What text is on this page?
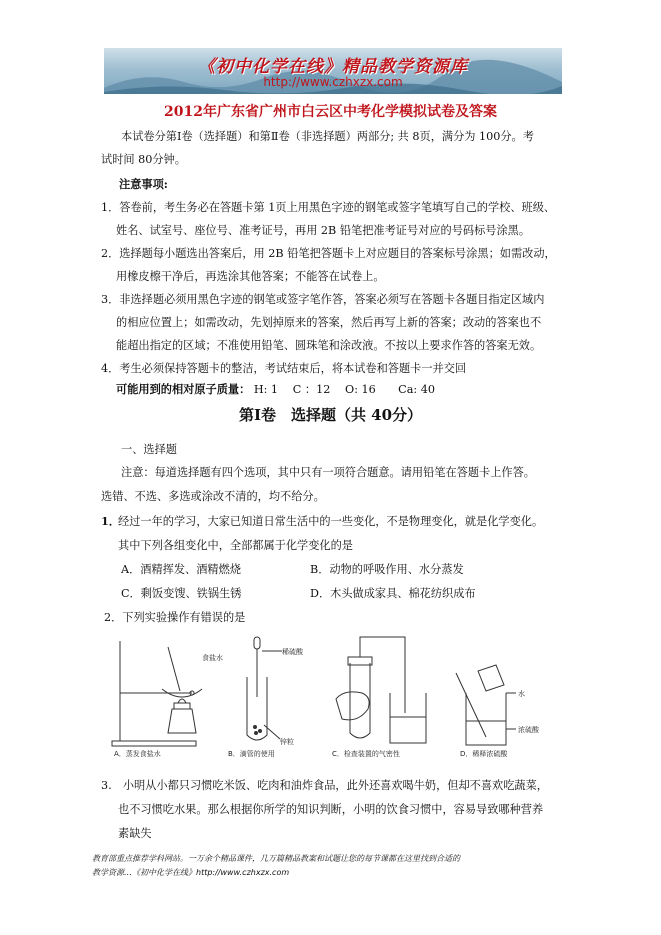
《初中化学在线》精品教学资源库
http://www.czhxzx.com
2012年广东省广州市白云区中考化学模拟试卷及答案
本试卷分第Ⅰ卷（选择题）和第Ⅱ卷（非选择题）两部分; 共 8页，满分为 100分。考
试时间 80分钟。
注意事项:
1．答卷前，考生务必在答题卡第 1页上用黑色字迹的钢笔或签字笔填写自己的学校、班级、
姓名、试室号、座位号、准考证号，再用 2B 铅笔把准考证号对应的号码标号涂黑。
2．选择题每小题选出答案后，用 2B 铅笔把答题卡上对应题目的答案标号涂黑；如需改动，
用橡皮檫干净后，再选涂其他答案；不能答在试卷上。
3．非选择题必须用黑色字迹的钢笔或签字笔作答，答案必须写在答题卡各题目指定区域内
的相应位置上；如需改动，先划掉原来的答案，然后再写上新的答案；改动的答案也不
能超出指定的区域；不准使用铅笔、圆珠笔和涂改液。不按以上要求作答的答案无效。
4．考生必须保持答题卡的整洁，考试结束后，将本试卷和答题卡一并交回
可能用到的相对原子质量： H: 1　 C ：12　 O: 16　　Ca: 40
第Ⅰ卷　选择题（共 40分）
一、选择题
注意：每道选择题有四个选项，其中只有一项符合题意。请用铅笔在答题卡上作答。
选错、不选、多选或涂改不清的，均不给分。
1．
经过一年的学习，大家已知道日常生活中的一些变化，不是物理变化，就是化学变化。
其中下列各组变化中，全部都属于化学变化的是
A．酒精挥发、酒精燃烧	B．动物的呼吸作用、水分蒸发
C．剩饭变馊、铁锅生锈	D．木头做成家具、棉花纺织成布
2．下列实验操作有错误的是
食盐水
稀硫酸
锌粒
水
浓硫酸
A．蒸发食盐水	B．滴管的使用	C．检查装置的气密性	D．稀释浓硫酸
3.　小明从小都只习惯吃米饭、吃肉和油炸食品，此外还喜欢喝牛奶，但却不喜欢吃蔬菜，
也不习惯吃水果。那么根据你所学的知识判断，小明的饮食习惯中，容易导致哪种营养
素缺失
教育部重点推荐学科网站。一万余个精品课件，几万篇精品教案和试题让您的每节课都在这里找到合适的
教学资源…《初中化学在线》http://www.czhxzx.com
